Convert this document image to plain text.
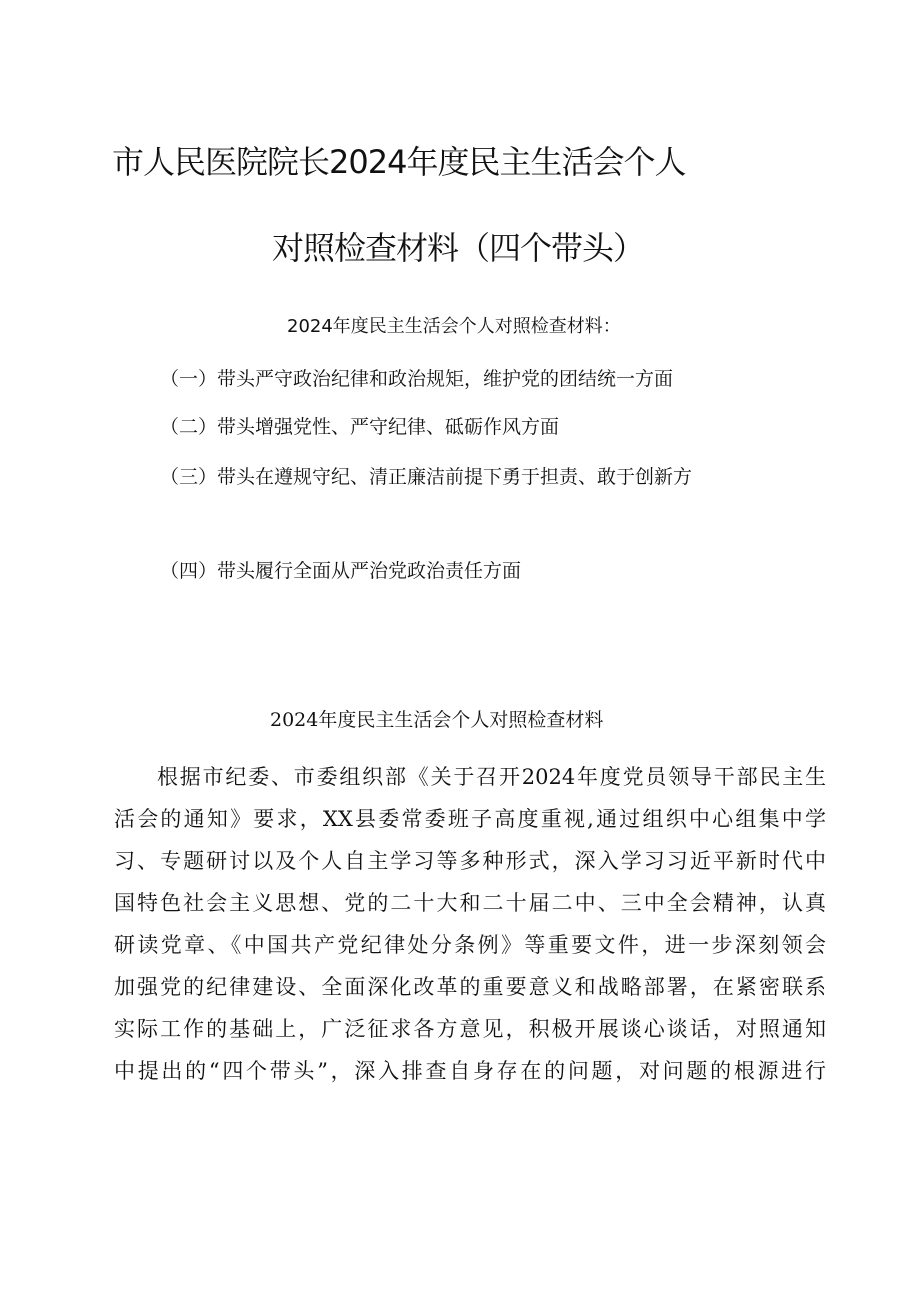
市人民医院院长2024年度民主生活会个人
对照检查材料（四个带头）
2024年度民主生活会个人对照检查材料：
（一）带头严守政治纪律和政治规矩，维护党的团结统一方面
（二）带头增强党性、严守纪律、砥砺作风方面
（三）带头在遵规守纪、清正廉洁前提下勇于担责、敢于创新方
（四）带头履行全面从严治党政治责任方面
2024年度民主生活会个人对照检查材料
根据市纪委、市委组织部《关于召开2024年度党员领导干部民主生
活会的通知》要求，XX县委常委班子高度重视,通过组织中心组集中学
习、专题研讨以及个人自主学习等多种形式，深入学习习近平新时代中
国特色社会主义思想、党的二十大和二十届二中、三中全会精神，认真
研读党章、《中国共产党纪律处分条例》等重要文件，进一步深刻领会
加强党的纪律建设、全面深化改革的重要意义和战略部署，在紧密联系
实际工作的基础上，广泛征求各方意见，积极开展谈心谈话，对照通知
中提出的“四个带头”，深入排查自身存在的问题，对问题的根源进行
